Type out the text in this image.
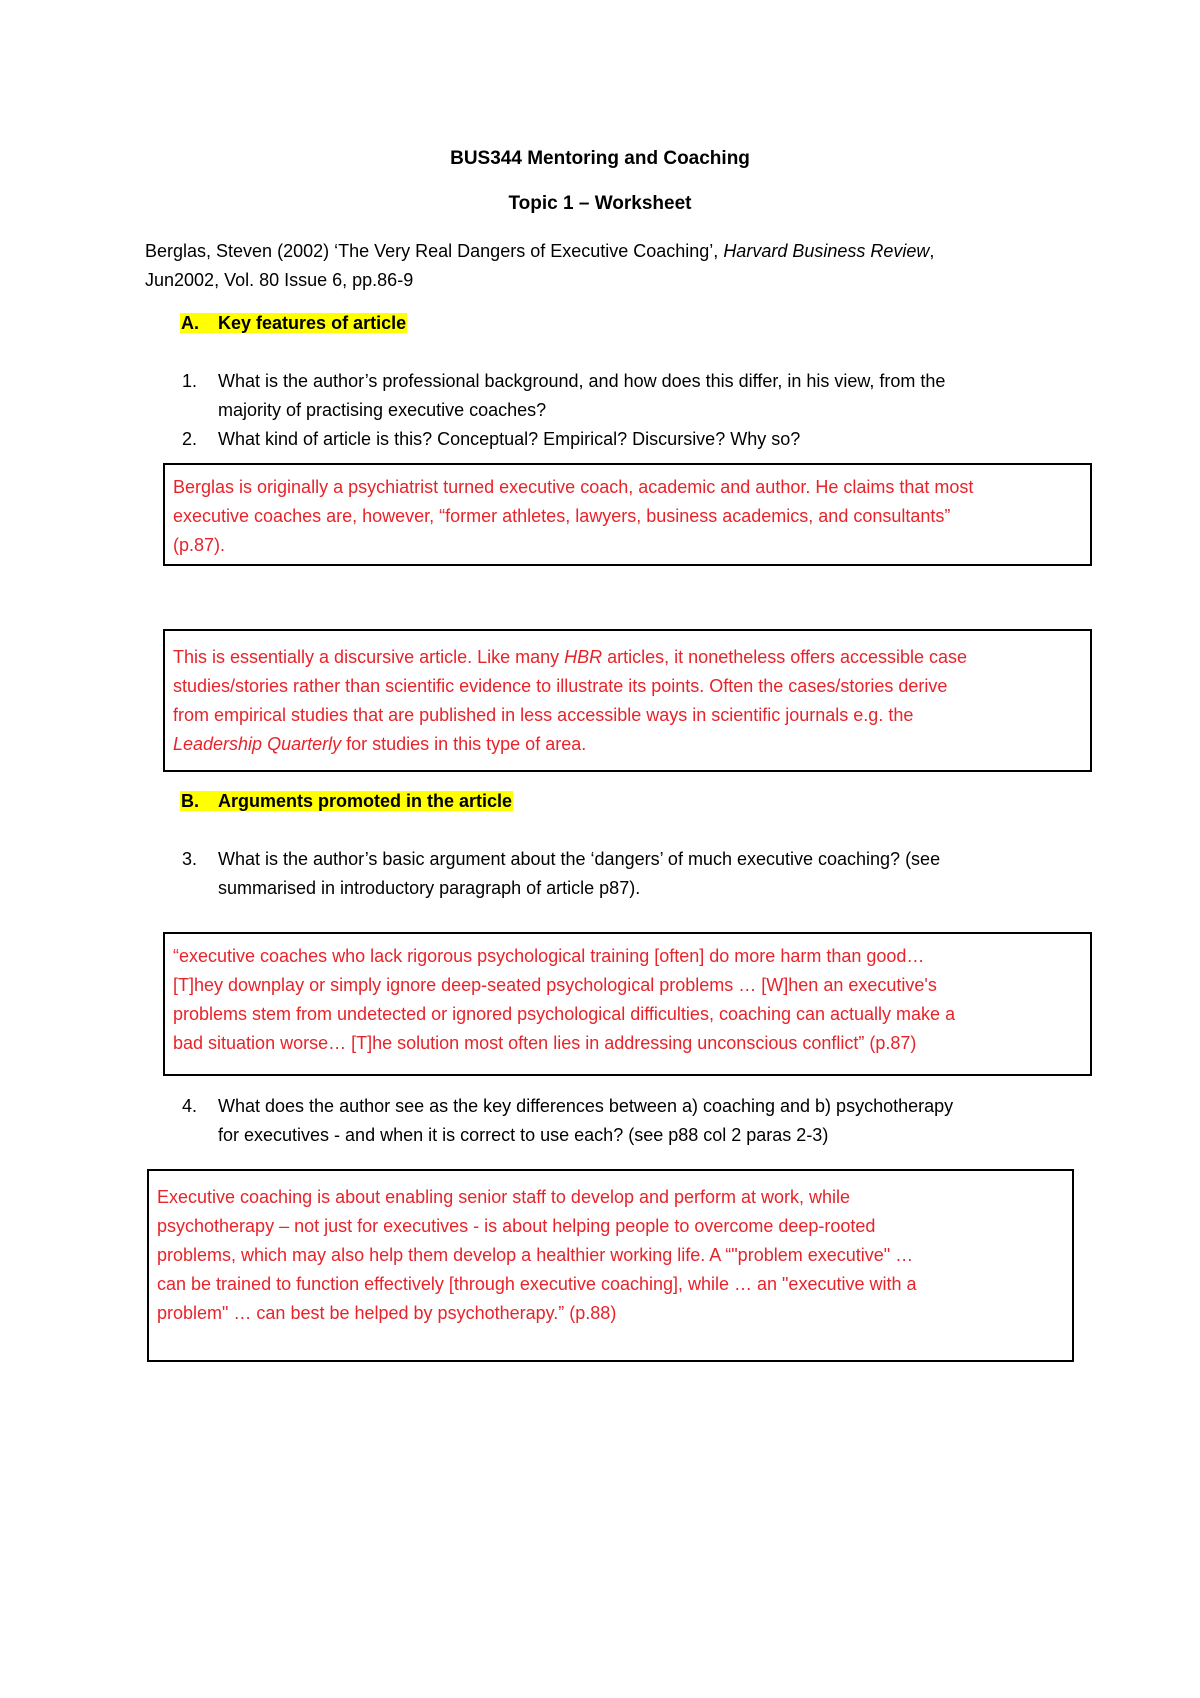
BUS344 Mentoring and Coaching
Topic 1 – Worksheet
Berglas, Steven (2002) ‘The Very Real Dangers of Executive Coaching’, Harvard Business Review,
Jun2002, Vol. 80 Issue 6, pp.86-9
A. Key features of article
1.	What is the author’s professional background, and how does this differ, in his view, from the
majority of practising executive coaches?
2.	What kind of article is this? Conceptual? Empirical? Discursive? Why so?
Berglas is originally a psychiatrist turned executive coach, academic and author. He claims that most
executive coaches are, however, “former athletes, lawyers, business academics, and consultants”
(p.87).
This is essentially a discursive article. Like many HBR articles, it nonetheless offers accessible case
studies/stories rather than scientific evidence to illustrate its points. Often the cases/stories derive
from empirical studies that are published in less accessible ways in scientific journals e.g. the
Leadership Quarterly for studies in this type of area.
B. Arguments promoted in the article
3.	What is the author’s basic argument about the ‘dangers’ of much executive coaching? (see
summarised in introductory paragraph of article p87).
“executive coaches who lack rigorous psychological training [often] do more harm than good…
[T]hey downplay or simply ignore deep-seated psychological problems … [W]hen an executive's
problems stem from undetected or ignored psychological difficulties, coaching can actually make a
bad situation worse… [T]he solution most often lies in addressing unconscious conflict” (p.87)
4.	What does the author see as the key differences between a) coaching and b) psychotherapy
for executives - and when it is correct to use each? (see p88 col 2 paras 2-3)
Executive coaching is about enabling senior staff to develop and perform at work, while
psychotherapy – not just for executives - is about helping people to overcome deep-rooted
problems, which may also help them develop a healthier working life. A “"problem executive" …
can be trained to function effectively [through executive coaching], while … an "executive with a
problem" … can best be helped by psychotherapy.” (p.88)
